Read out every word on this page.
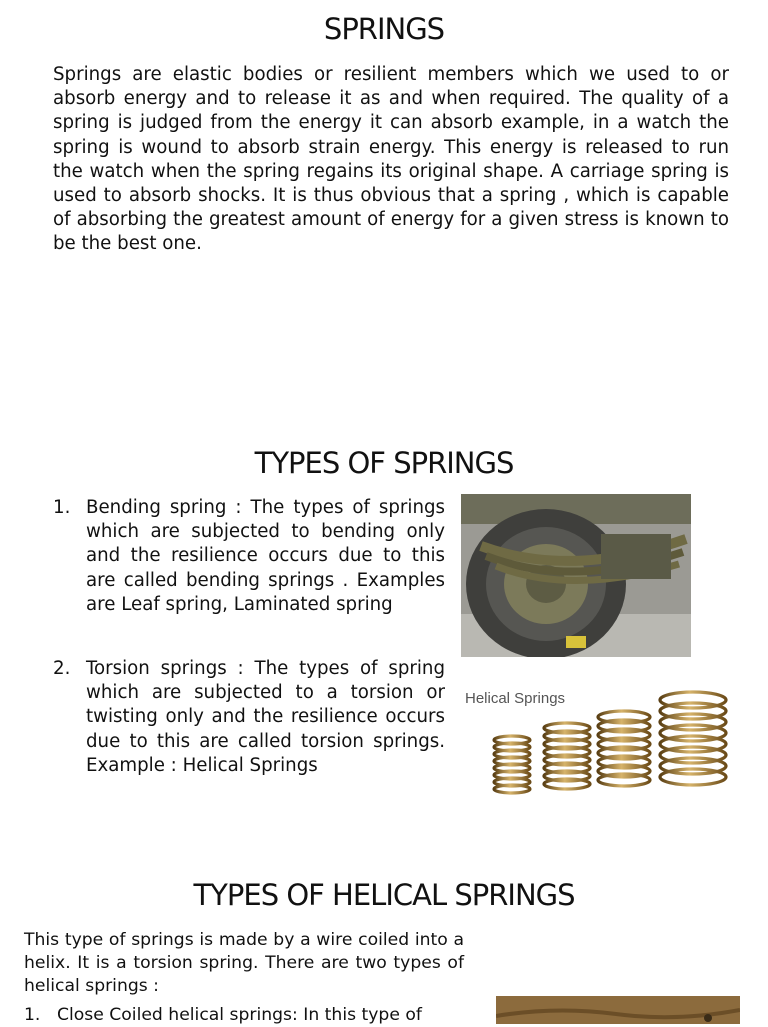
SPRINGS

Springs are elastic bodies or resilient members which we used to or absorb energy and to release it as and when required. The quality of a spring is judged from the energy it can absorb example, in a watch the spring is wound to absorb strain energy. This energy is released to run the watch when the spring regains its original shape. A carriage spring is used to absorb shocks. It is thus obvious that a spring , which is capable of absorbing the greatest amount of energy for a given stress is known to be the best one.

TYPES OF SPRINGS
1. Bending spring : The types of springs which are subjected to bending only and the resilience occurs due to this are called bending springs . Examples are Leaf spring, Laminated spring
2. Torsion springs : The types of spring which are subjected to a torsion or twisting only and the resilience occurs due to this are called torsion springs. Example : Helical Springs
Helical Springs
TYPES OF HELICAL SPRINGS

This type of springs is made by a wire coiled into a helix. It is a torsion spring. There are two types of helical springs :

1. Close Coiled helical springs: In this type of
